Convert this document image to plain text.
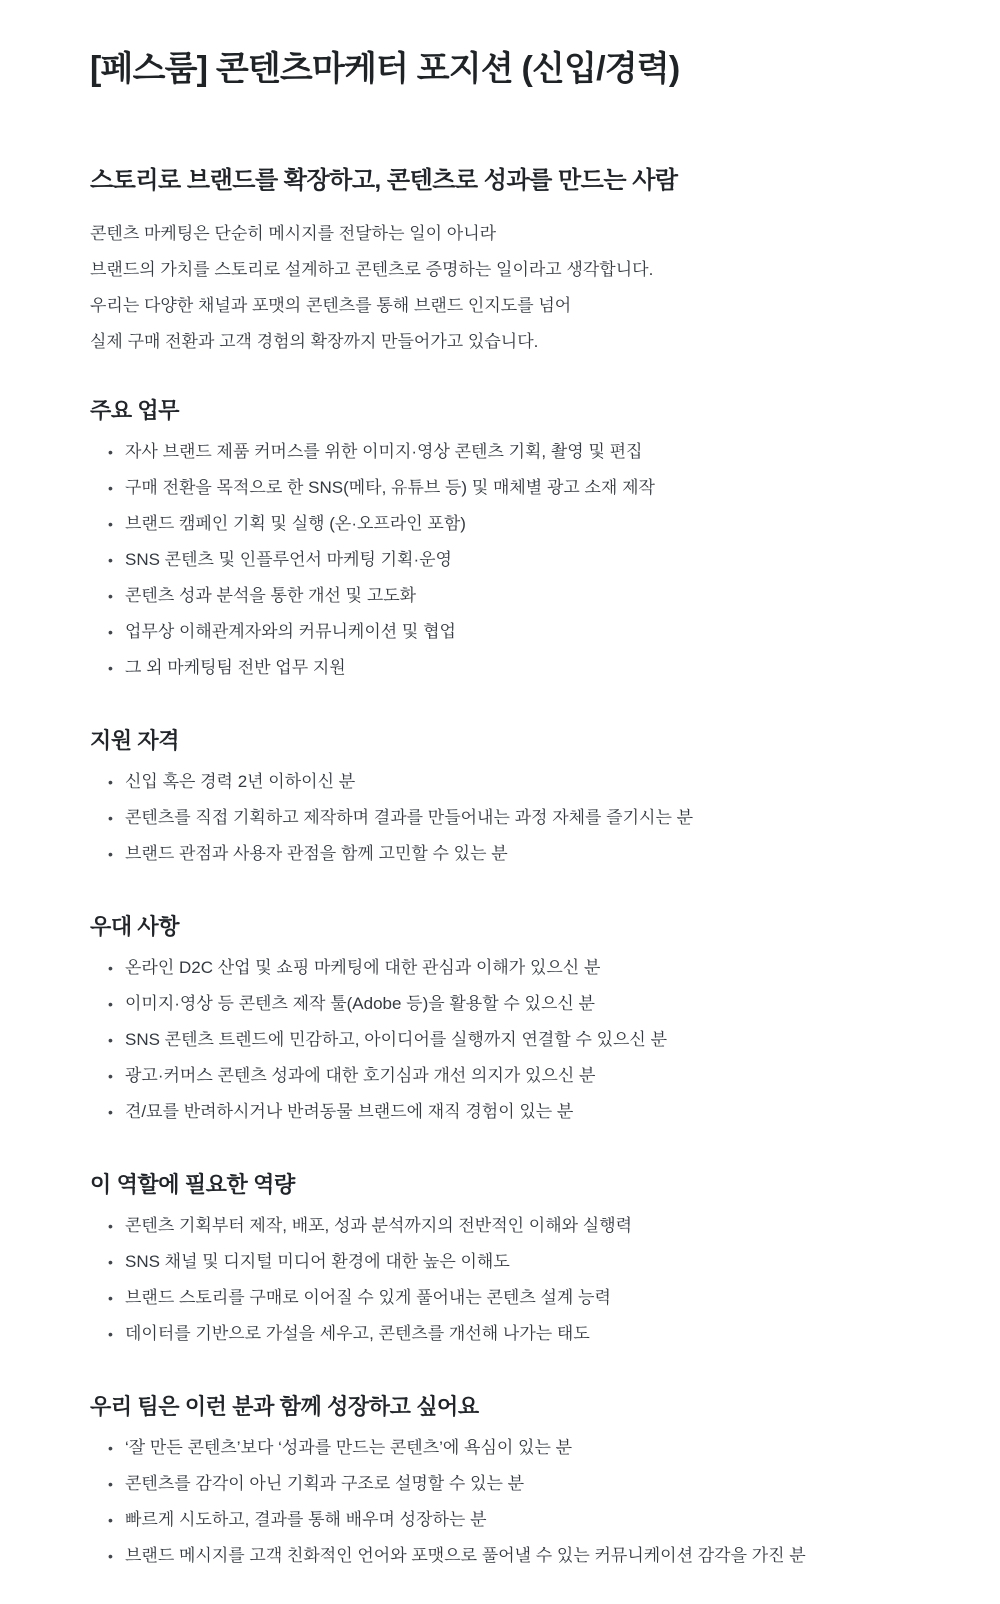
[페스룸] 콘텐츠마케터 포지션 (신입/경력)
스토리로 브랜드를 확장하고, 콘텐츠로 성과를 만드는 사람
콘텐츠 마케팅은 단순히 메시지를 전달하는 일이 아니라
브랜드의 가치를 스토리로 설계하고 콘텐츠로 증명하는 일이라고 생각합니다.
우리는 다양한 채널과 포맷의 콘텐츠를 통해 브랜드 인지도를 넘어
실제 구매 전환과 고객 경험의 확장까지 만들어가고 있습니다.
주요 업무
• 자사 브랜드 제품 커머스를 위한 이미지·영상 콘텐츠 기획, 촬영 및 편집
• 구매 전환을 목적으로 한 SNS(메타, 유튜브 등) 및 매체별 광고 소재 제작
• 브랜드 캠페인 기획 및 실행 (온·오프라인 포함)
• SNS 콘텐츠 및 인플루언서 마케팅 기획·운영
• 콘텐츠 성과 분석을 통한 개선 및 고도화
• 업무상 이해관계자와의 커뮤니케이션 및 협업
• 그 외 마케팅팀 전반 업무 지원
지원 자격
• 신입 혹은 경력 2년 이하이신 분
• 콘텐츠를 직접 기획하고 제작하며 결과를 만들어내는 과정 자체를 즐기시는 분
• 브랜드 관점과 사용자 관점을 함께 고민할 수 있는 분
우대 사항
• 온라인 D2C 산업 및 쇼핑 마케팅에 대한 관심과 이해가 있으신 분
• 이미지·영상 등 콘텐츠 제작 툴(Adobe 등)을 활용할 수 있으신 분
• SNS 콘텐츠 트렌드에 민감하고, 아이디어를 실행까지 연결할 수 있으신 분
• 광고·커머스 콘텐츠 성과에 대한 호기심과 개선 의지가 있으신 분
• 견/묘를 반려하시거나 반려동물 브랜드에 재직 경험이 있는 분
이 역할에 필요한 역량
• 콘텐츠 기획부터 제작, 배포, 성과 분석까지의 전반적인 이해와 실행력
• SNS 채널 및 디지털 미디어 환경에 대한 높은 이해도
• 브랜드 스토리를 구매로 이어질 수 있게 풀어내는 콘텐츠 설계 능력
• 데이터를 기반으로 가설을 세우고, 콘텐츠를 개선해 나가는 태도
우리 팀은 이런 분과 함께 성장하고 싶어요
• ‘잘 만든 콘텐츠’보다 ‘성과를 만드는 콘텐츠’에 욕심이 있는 분
• 콘텐츠를 감각이 아닌 기획과 구조로 설명할 수 있는 분
• 빠르게 시도하고, 결과를 통해 배우며 성장하는 분
• 브랜드 메시지를 고객 친화적인 언어와 포맷으로 풀어낼 수 있는 커뮤니케이션 감각을 가진 분
